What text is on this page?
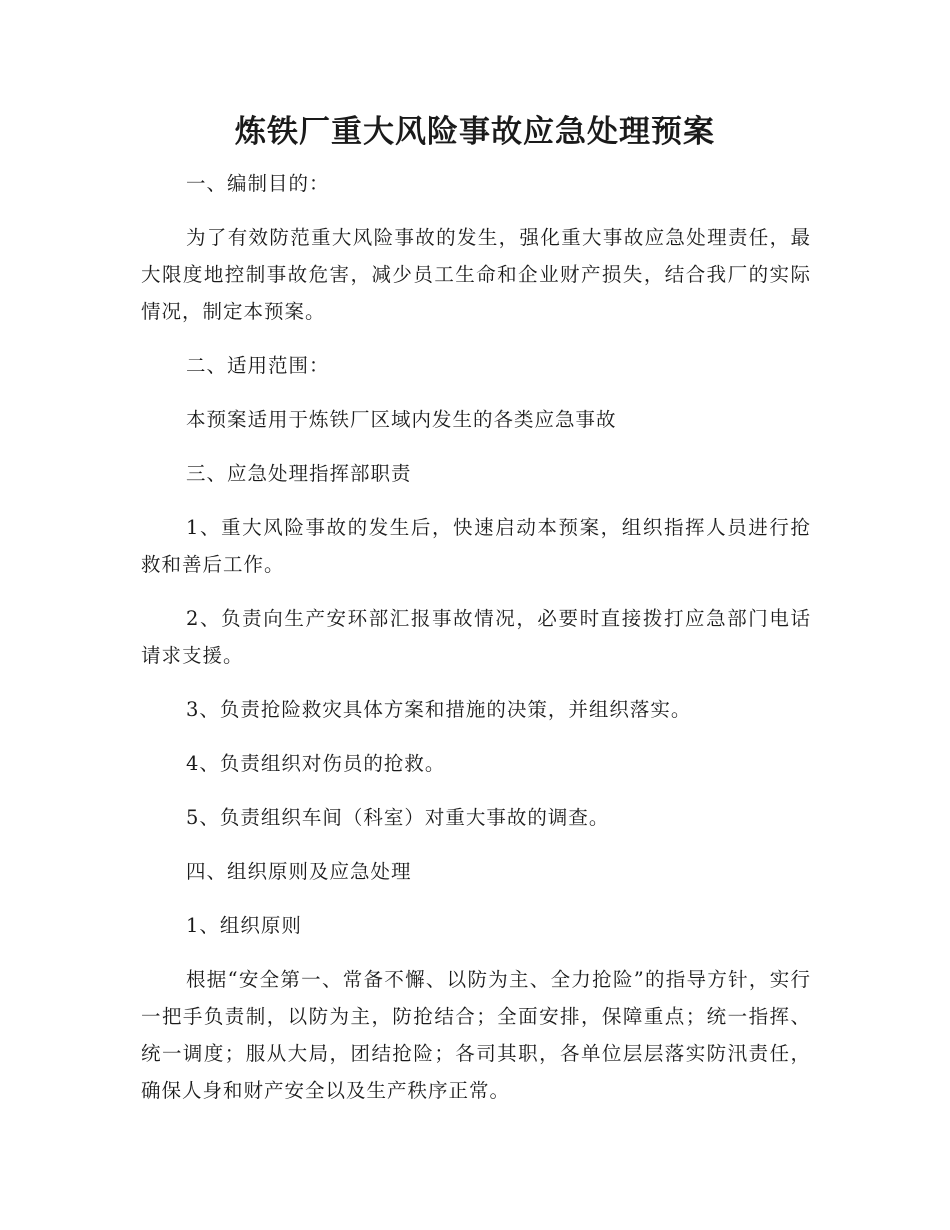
炼铁厂重大风险事故应急处理预案

一、编制目的：

为了有效防范重大风险事故的发生，强化重大事故应急处理责任，最大限度地控制事故危害，减少员工生命和企业财产损失，结合我厂的实际情况，制定本预案。

二、适用范围：

本预案适用于炼铁厂区域内发生的各类应急事故

三、应急处理指挥部职责

1、重大风险事故的发生后，快速启动本预案，组织指挥人员进行抢救和善后工作。

2、负责向生产安环部汇报事故情况，必要时直接拨打应急部门电话请求支援。

3、负责抢险救灾具体方案和措施的决策，并组织落实。

4、负责组织对伤员的抢救。

5、负责组织车间（科室）对重大事故的调查。

四、组织原则及应急处理

1、组织原则

根据“安全第一、常备不懈、以防为主、全力抢险”的指导方针，实行一把手负责制，以防为主，防抢结合；全面安排，保障重点；统一指挥、统一调度；服从大局，团结抢险；各司其职，各单位层层落实防汛责任，确保人身和财产安全以及生产秩序正常。
